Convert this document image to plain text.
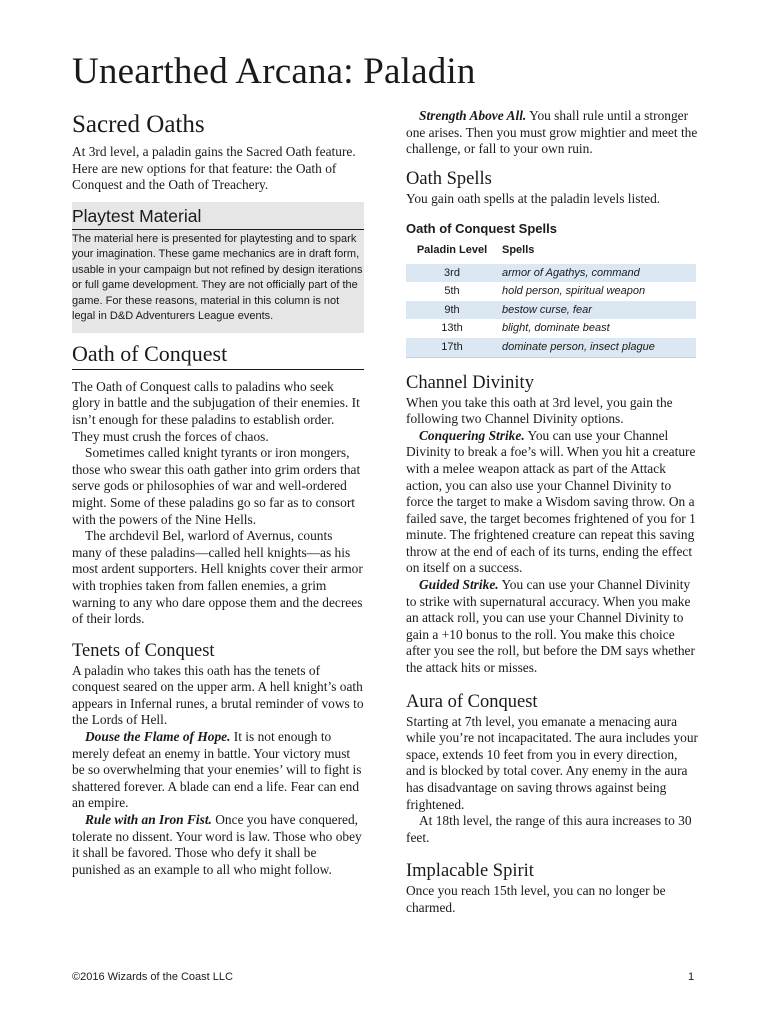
Unearthed Arcana: Paladin
Sacred Oaths

At 3rd level, a paladin gains the Sacred Oath feature. Here are new options for that feature: the Oath of Conquest and the Oath of Treachery.

Playtest Material
The material here is presented for playtesting and to spark your imagination. These game mechanics are in draft form, usable in your campaign but not refined by design iterations or full game development. They are not officially part of the game. For these reasons, material in this column is not legal in D&D Adventurers League events.
Oath of Conquest

The Oath of Conquest calls to paladins who seek glory in battle and the subjugation of their enemies. It isn’t enough for these paladins to establish order. They must crush the forces of chaos.

Sometimes called knight tyrants or iron mongers, those who swear this oath gather into grim orders that serve gods or philosophies of war and well-ordered might. Some of these paladins go so far as to consort with the powers of the Nine Hells.

The archdevil Bel, warlord of Avernus, counts many of these paladins—called hell knights—as his most ardent supporters. Hell knights cover their armor with trophies taken from fallen enemies, a grim warning to any who dare oppose them and the decrees of their lords.

Tenets of Conquest

A paladin who takes this oath has the tenets of conquest seared on the upper arm. A hell knight’s oath appears in Infernal runes, a brutal reminder of vows to the Lords of Hell.

Douse the Flame of Hope. It is not enough to merely defeat an enemy in battle. Your victory must be so overwhelming that your enemies’ will to fight is shattered forever. A blade can end a life. Fear can end an empire.

Rule with an Iron Fist. Once you have conquered, tolerate no dissent. Your word is law. Those who obey it shall be favored. Those who defy it shall be punished as an example to all who might follow.

Strength Above All. You shall rule until a stronger one arises. Then you must grow mightier and meet the challenge, or fall to your own ruin.

Oath Spells

You gain oath spells at the paladin levels listed.

Oath of Conquest Spells
Paladin Level	Spells
3rd	armor of Agathys, command
5th	hold person, spiritual weapon
9th	bestow curse, fear
13th	blight, dominate beast
17th	dominate person, insect plague
Channel Divinity

When you take this oath at 3rd level, you gain the following two Channel Divinity options.

Conquering Strike. You can use your Channel Divinity to break a foe’s will. When you hit a creature with a melee weapon attack as part of the Attack action, you can also use your Channel Divinity to force the target to make a Wisdom saving throw. On a failed save, the target becomes frightened of you for 1 minute. The frightened creature can repeat this saving throw at the end of each of its turns, ending the effect on itself on a success.

Guided Strike. You can use your Channel Divinity to strike with supernatural accuracy. When you make an attack roll, you can use your Channel Divinity to gain a +10 bonus to the roll. You make this choice after you see the roll, but before the DM says whether the attack hits or misses.

Aura of Conquest

Starting at 7th level, you emanate a menacing aura while you’re not incapacitated. The aura includes your space, extends 10 feet from you in every direction, and is blocked by total cover. Any enemy in the aura has disadvantage on saving throws against being frightened.

At 18th level, the range of this aura increases to 30 feet.

Implacable Spirit

Once you reach 15th level, you can no longer be charmed.

©2016 Wizards of the Coast LLC	1
